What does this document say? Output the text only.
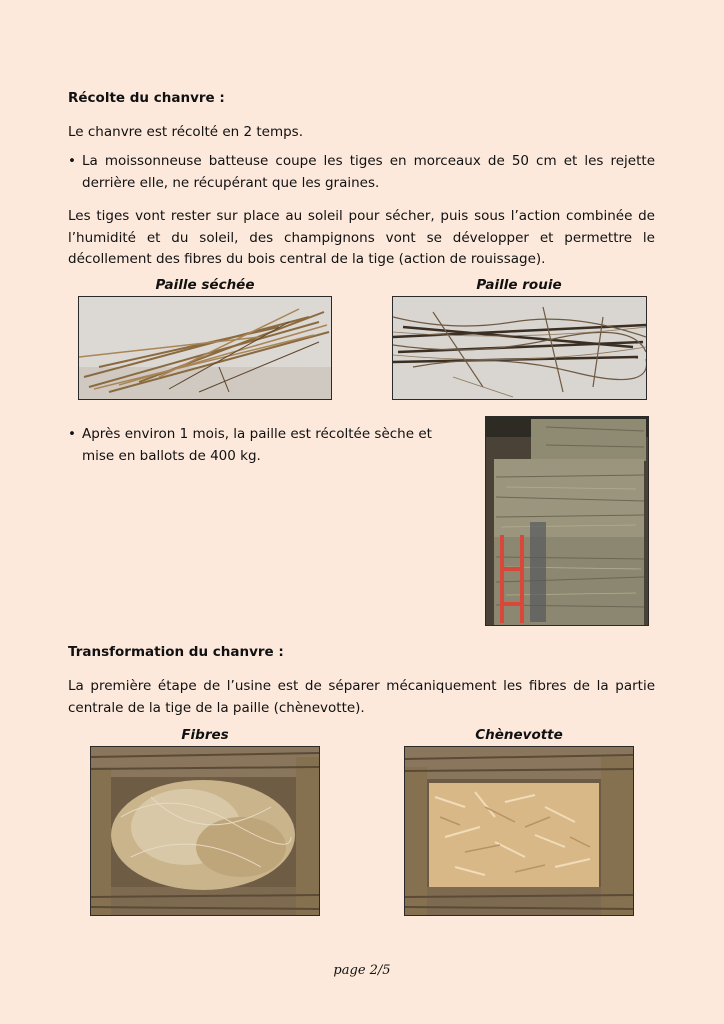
Récolte du chanvre :
Le chanvre est récolté en 2 temps.
• La moissonneuse batteuse coupe les tiges en morceaux de 50 cm et les rejette derrière elle, ne récupérant que les graines.
Les tiges vont rester sur place au soleil pour sécher, puis sous l’action combinée de l’humidité et du soleil, des champignons vont se développer et permettre le décollement des fibres du bois central de la tige (action de rouissage).
Paille séchée	Paille rouie
• Après environ 1 mois, la paille est récoltée sèche et mise en ballots de 400 kg.
Transformation du chanvre :
La première étape de l’usine est de séparer mécaniquement les fibres de la partie centrale de la tige de la paille (chènevotte).
Fibres	Chènevotte
page 2/5
